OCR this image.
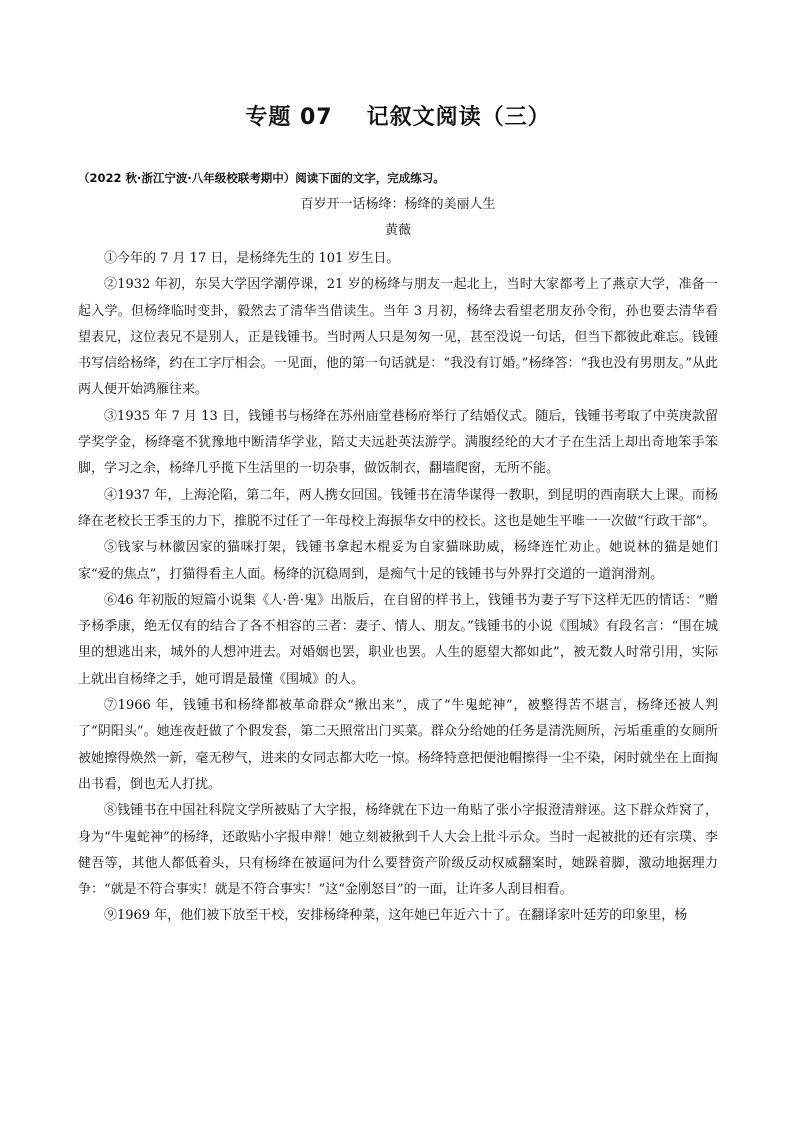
专题 07 记叙文阅读（三）
（2022 秋·浙江宁波·八年级校联考期中）阅读下面的文字，完成练习。
百岁开一话杨绛：杨绛的美丽人生
黄薇

①今年的 7 月 17 日，是杨绛先生的 101 岁生日。

②1932 年初，东吴大学因学潮停课，21 岁的杨绛与朋友一起北上，当时大家都考上了燕京大学，准备一起入学。但杨绛临时变卦，毅然去了清华当借读生。当年 3 月初，杨绛去看望老朋友孙令衔，孙也要去清华看望表兄，这位表兄不是别人，正是钱锺书。当时两人只是匆匆一见，甚至没说一句话，但当下都彼此难忘。钱锺书写信给杨绛，约在工字厅相会。一见面，他的第一句话就是：“我没有订婚。”杨绛答：“我也没有男朋友。”从此两人便开始鸿雁往来。

③1935 年 7 月 13 日，钱锺书与杨绛在苏州庙堂巷杨府举行了结婚仪式。随后，钱锺书考取了中英庚款留学奖学金，杨绛毫不犹豫地中断清华学业，陪丈夫远赴英法游学。满腹经纶的大才子在生活上却出奇地笨手笨脚，学习之余，杨绛几乎揽下生活里的一切杂事，做饭制衣，翻墙爬窗，无所不能。

④1937 年，上海沦陷，第二年，两人携女回国。钱锺书在清华谋得一教职，到昆明的西南联大上课。而杨绛在老校长王季玉的力下，推脱不过任了一年母校上海振华女中的校长。这也是她生平唯一一次做“行政干部”。

⑤钱家与林徽因家的猫咪打架，钱锺书拿起木棍妥为自家猫咪助威，杨绛连忙劝止。她说林的猫是她们家“爱的焦点”，打猫得看主人面。杨绛的沉稳周到，是痴气十足的钱锺书与外界打交道的一道润滑剂。

⑥46 年初版的短篇小说集《人·兽·鬼》出版后，在自留的样书上，钱锺书为妻子写下这样无匹的情话：“赠予杨季康，绝无仅有的结合了各不相容的三者：妻子、情人、朋友。”钱锺书的小说《围城》有段名言：“围在城里的想逃出来，城外的人想冲进去。对婚姻也罢，职业也罢。人生的愿望大都如此”，被无数人时常引用，实际上就出自杨绛之手，她可谓是最懂《围城》的人。

⑦1966 年，钱锺书和杨绛都被革命群众“揪出来”，成了“牛鬼蛇神”，被整得苦不堪言，杨绛还被人判了“阴阳头”。她连夜赶做了个假发套，第二天照常出门买菜。群众分给她的任务是清洗厕所，污垢重重的女厕所被她擦得焕然一新，毫无秽气，进来的女同志都大吃一惊。杨绛特意把便池帽擦得一尘不染，闲时就坐在上面掏出书看，倒也无人打扰。

⑧钱锺书在中国社科院文学所被贴了大字报，杨绛就在下边一角贴了张小字报澄清辩诬。这下群众炸窝了，身为“牛鬼蛇神”的杨绛，还敢贴小字报申辩！她立刻被揪到千人大会上批斗示众。当时一起被批的还有宗璞、李健吾等，其他人都低着头，只有杨绛在被逼问为什么要替资产阶级反动权威翻案时，她跺着脚，激动地据理力争：“就是不符合事实！就是不符合事实！”这“金刚怒目”的一面，让许多人刮目相看。

⑨1969 年，他们被下放至干校，安排杨绛种菜，这年她已年近六十了。在翻译家叶廷芳的印象里，杨
